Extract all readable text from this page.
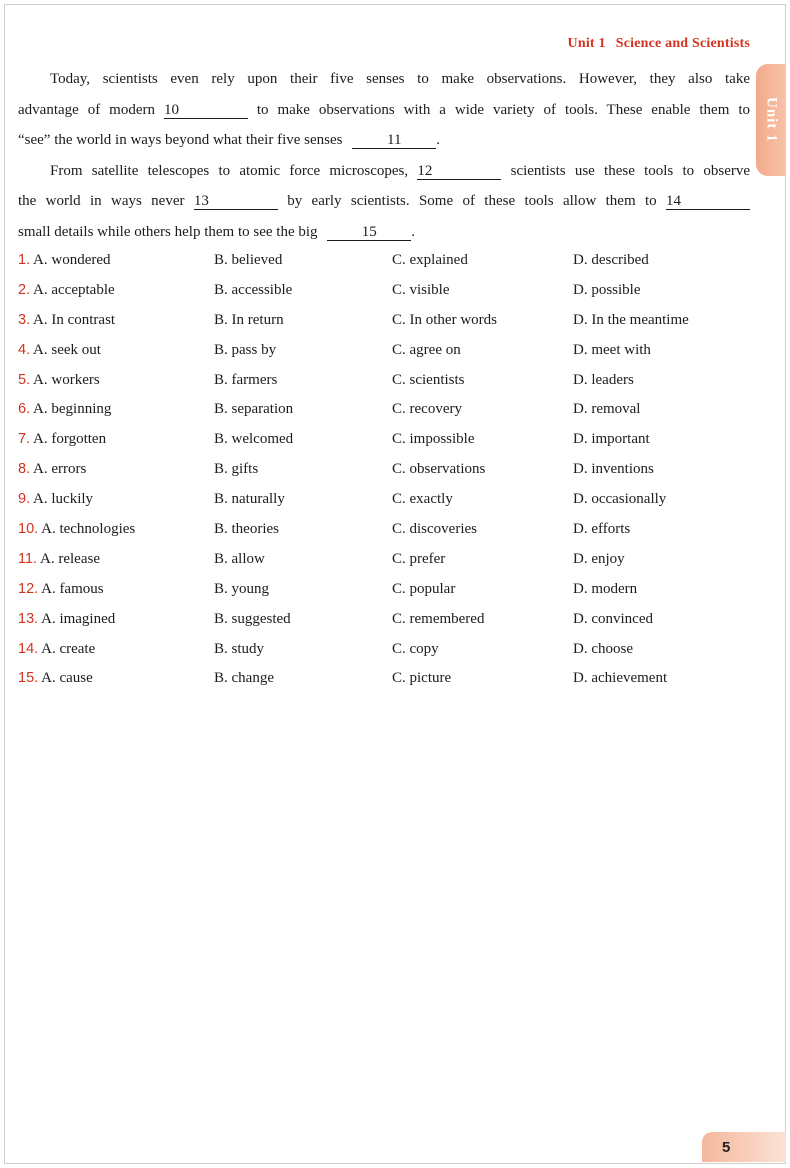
Unit 1 Science and Scientists
Unit 1
Today, scientists even rely upon their five senses to make observations. However, they also take
advantage of modern 10	to make observations with a wide variety of tools. These enable them to
“see” the world in ways beyond what their five senses	11 .
From satellite telescopes to atomic force microscopes, 12	scientists use these tools to observe
the world in ways never 13	by early scientists. Some of these tools allow them to 14
small details while others help them to see the big	15 .
1. A. wondered	B. believed	C. explained	D. described
2. A. acceptable	B. accessible	C. visible	D. possible
3. A. In contrast	B. In return	C. In other words	D. In the meantime
4. A. seek out	B. pass by	C. agree on	D. meet with
5. A. workers	B. farmers	C. scientists	D. leaders
6. A. beginning	B. separation	C. recovery	D. removal
7. A. forgotten	B. welcomed	C. impossible	D. important
8. A. errors	B. gifts	C. observations	D. inventions
9. A. luckily	B. naturally	C. exactly	D. occasionally
10. A. technologies	B. theories	C. discoveries	D. efforts
11. A. release	B. allow	C. prefer	D. enjoy
12. A. famous	B. young	C. popular	D. modern
13. A. imagined	B. suggested	C. remembered	D. convinced
14. A. create	B. study	C. copy	D. choose
15. A. cause	B. change	C. picture	D. achievement
5
